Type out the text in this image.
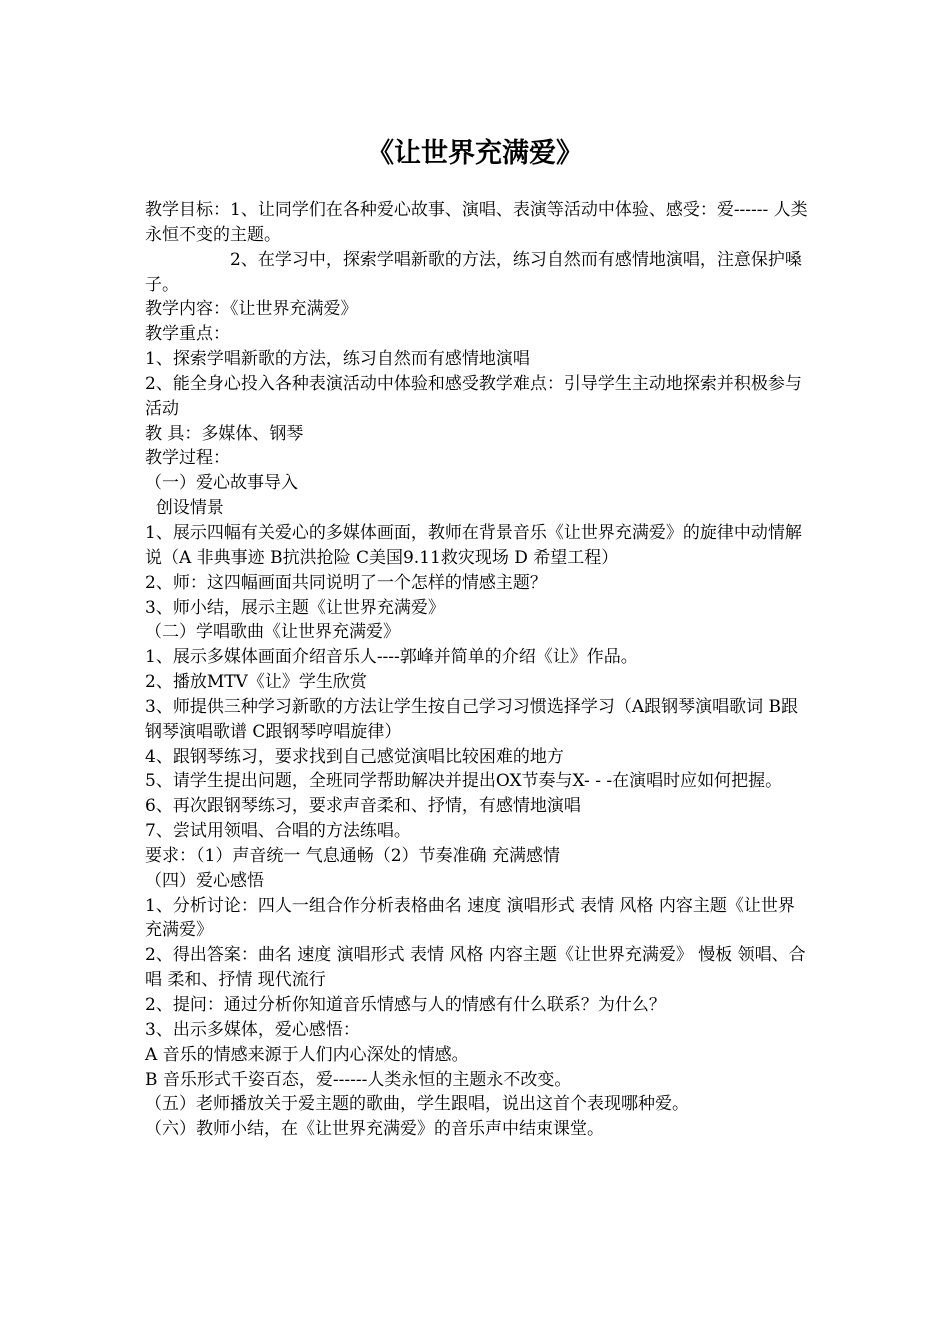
《让世界充满爱》
教学目标：1、让同学们在各种爱心故事、演唱、表演等活动中体验、感受：爱------ 人类永恒不变的主题。
　　　　　2、在学习中，探索学唱新歌的方法，练习自然而有感情地演唱，注意保护嗓子。
教学内容：《让世界充满爱》
教学重点：
1、探索学唱新歌的方法，练习自然而有感情地演唱
2、能全身心投入各种表演活动中体验和感受教学难点：引导学生主动地探索并积极参与活动
教 具：多媒体、钢琴
教学过程：
（一）爱心故事导入
创设情景
1、展示四幅有关爱心的多媒体画面，教师在背景音乐《让世界充满爱》的旋律中动情解说（A 非典事迹 B抗洪抢险 C美国9.11救灾现场 D 希望工程）
2、师：这四幅画面共同说明了一个怎样的情感主题？
3、师小结，展示主题《让世界充满爱》
（二）学唱歌曲《让世界充满爱》
1、展示多媒体画面介绍音乐人----郭峰并简单的介绍《让》作品。
2、播放MTV《让》学生欣赏
3、师提供三种学习新歌的方法让学生按自己学习习惯选择学习（A跟钢琴演唱歌词 B跟钢琴演唱歌谱 C跟钢琴哼唱旋律）
4、跟钢琴练习，要求找到自己感觉演唱比较困难的地方
5、请学生提出问题，全班同学帮助解决并提出OX节奏与X- - -在演唱时应如何把握。
6、再次跟钢琴练习，要求声音柔和、抒情，有感情地演唱
7、尝试用领唱、合唱的方法练唱。
要求：（1）声音统一 气息通畅（2）节奏准确 充满感情
（四）爱心感悟
1、分析讨论：四人一组合作分析表格曲名 速度 演唱形式 表情 风格 内容主题《让世界充满爱》
2、得出答案：曲名 速度 演唱形式 表情 风格 内容主题《让世界充满爱》 慢板 领唱、合唱 柔和、抒情 现代流行
2、提问：通过分析你知道音乐情感与人的情感有什么联系？为什么？
3、出示多媒体，爱心感悟：
A 音乐的情感来源于人们内心深处的情感。
B 音乐形式千姿百态，爱------人类永恒的主题永不改变。
（五）老师播放关于爱主题的歌曲，学生跟唱，说出这首个表现哪种爱。
（六）教师小结，在《让世界充满爱》的音乐声中结束课堂。
